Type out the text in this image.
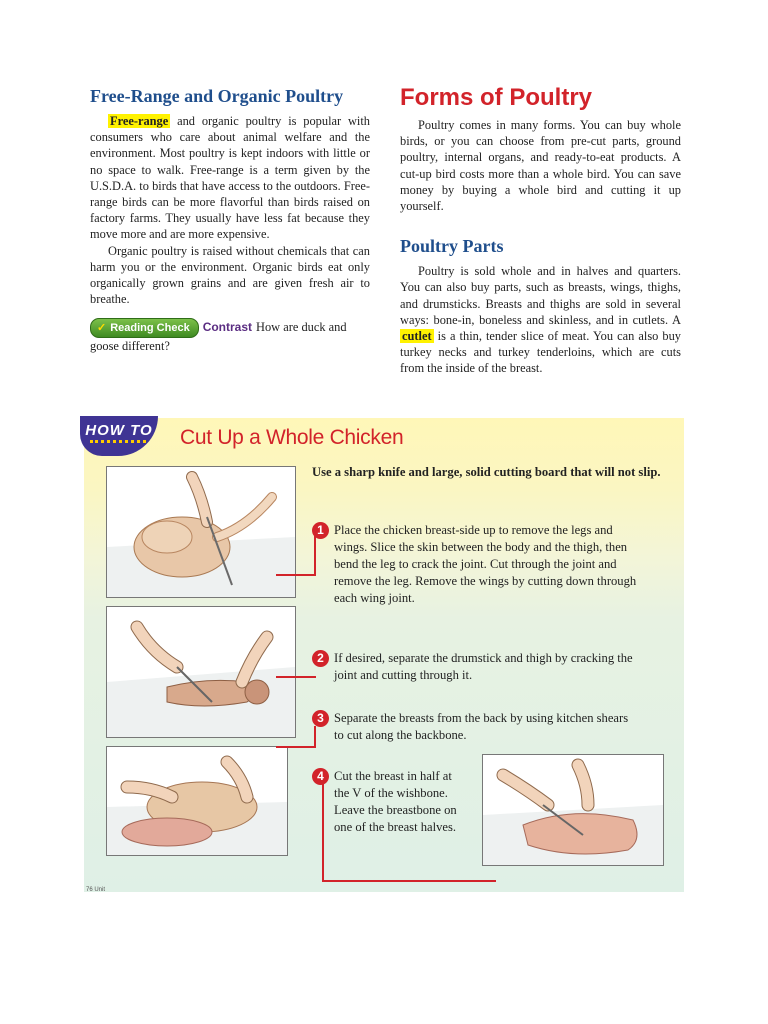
Free-Range and Organic Poultry

Free-range and organic poultry is popular with consumers who care about animal welfare and the environment. Most poultry is kept indoors with little or no space to walk. Free-range is a term given by the U.S.D.A. to birds that have access to the outdoors. Free-range birds can be more flavorful than birds raised on factory farms. They usually have less fat because they move more and are more expensive.

Organic poultry is raised without chemicals that can harm you or the environment. Organic birds eat only organically grown grains and are given fresh air to breathe.

✓ Reading Check Contrast How are duck and goose different?
Forms of Poultry

Poultry comes in many forms. You can buy whole birds, or you can choose from pre-cut parts, ground poultry, internal organs, and ready-to-eat products. A cut-up bird costs more than a whole bird. You can save money by buying a whole bird and cutting it up yourself.

Poultry Parts

Poultry is sold whole and in halves and quarters. You can also buy parts, such as breasts, wings, thighs, and drumsticks. Breasts and thighs are sold in several ways: bone-in, boneless and skinless, and in cutlets. A cutlet is a thin, tender slice of meat. You can also buy turkey necks and turkey tenderloins, which are cuts from the inside of the breast.

HOW TO Cut Up a Whole Chicken
Use a sharp knife and large, solid cutting board that will not slip.
1 Place the chicken breast-side up to remove the legs and wings. Slice the skin between the body and the thigh, then bend the leg to crack the joint. Cut through the joint and remove the leg. Remove the wings by cutting down through each wing joint.
2 If desired, separate the drumstick and thigh by cracking the joint and cutting through it.
3 Separate the breasts from the back by using kitchen shears to cut along the backbone.
4 Cut the breast in half at the V of the wishbone. Leave the breastbone on one of the breast halves.
76 Unit
